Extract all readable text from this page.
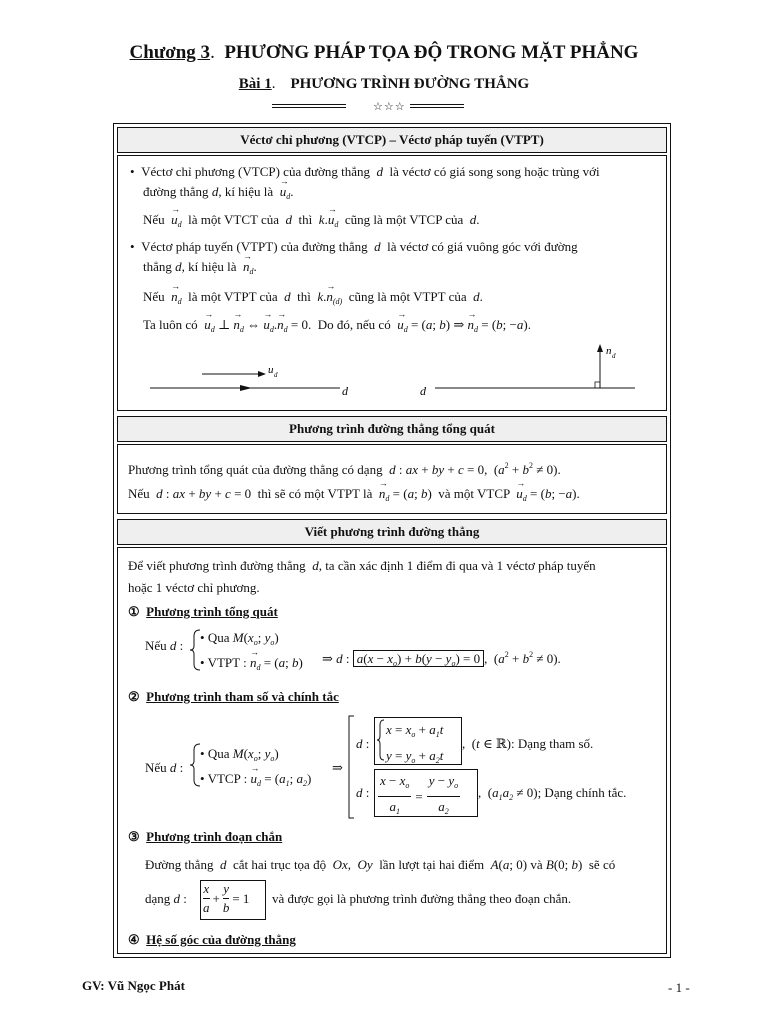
Chương 3.  PHƯƠNG PHÁP TỌA ĐỘ TRONG MẶT PHẲNG
Bài 1.    PHƯƠNG TRÌNH ĐƯỜNG THẲNG
☆☆☆
Véctơ chỉ phương (VTCP) – Véctơ pháp tuyến (VTPT)
•  Véctơ chỉ phương (VTCP) của đường thẳng d là véctơ có giá song song hoặc trùng với
đường thẳng d, kí hiệu là → $u_d$.
Nếu → $u_d$ là một VTCT của d thì $k.\to u_d$ cũng là một VTCP của d.
•  Véctơ pháp tuyến (VTPT) của đường thẳng d là véctơ có giá vuông góc với đường
thẳng d, kí hiệu là → $n_d$.
Nếu → $n_d$ là một VTPT của d thì $k.\to n_{(d)}$ cũng là một VTPT của d.
Ta luôn có → $u_d$ ⊥ → $n_d$ ⇔ → $u_d.\to n_d = 0$.  Do đó, nếu có → $u_d = (a$; b) ⇒ → $n_d = (b$; −a).
u d
d	d
n d
Phương trình đường thẳng tổng quát
Phương trình tổng quát của đường thẳng có dạng d : ax + by + c = 0,  $(a^2 + b^2 \ne 0)$.
Nếu d : ax + by + c = 0  thì sẽ có một VTPT là → $n_d = (a$; b)  và một VTCP → $u_d = (b$; −a).
Viết phương trình đường thẳng
Để viết phương trình đường thẳng d, ta cần xác định 1 điểm đi qua và 1 véctơ pháp tuyến
hoặc 1 véctơ chỉ phương.
① Phương trình tổng quát
Nếu d :
• Qua $M(x_o$; $y_o$)
• VTPT : → $n_d = (a$; b) ⇒ d : $a(x - x_o) + b(y - y_o) = 0$ ,  $(a^2 + b^2 \ne 0)$.
② Phương trình tham số và chính tắc
Nếu d :
• Qua $M(x_o$; $y_o$)
• VTCP : → $u_d = (a_1$; $a_2$)
⇒
d :
$x = x_o + a_1t$
$y = y_o + a_2t$
,  (t ∈ ℝ): Dạng tham số.
d : $\frac{x - x_o}{a_1} = \frac{y - y_o}{a_2}$ ,  $(a_1a_2 \ne 0)$; Dạng chính tắc.
③ Phương trình đoạn chắn
Đường thẳng d cắt hai trục tọa độ Ox,  Oy lần lượt tại hai điểm A(a; 0) và B(0; b)  sẽ có
dạng d :
x
a
+ $\frac{y}{b} = 1$ và được gọi là phương trình đường thẳng theo đoạn chắn.
④ Hệ số góc của đường thẳng
GV: Vũ Ngọc Phát	- 1 -
